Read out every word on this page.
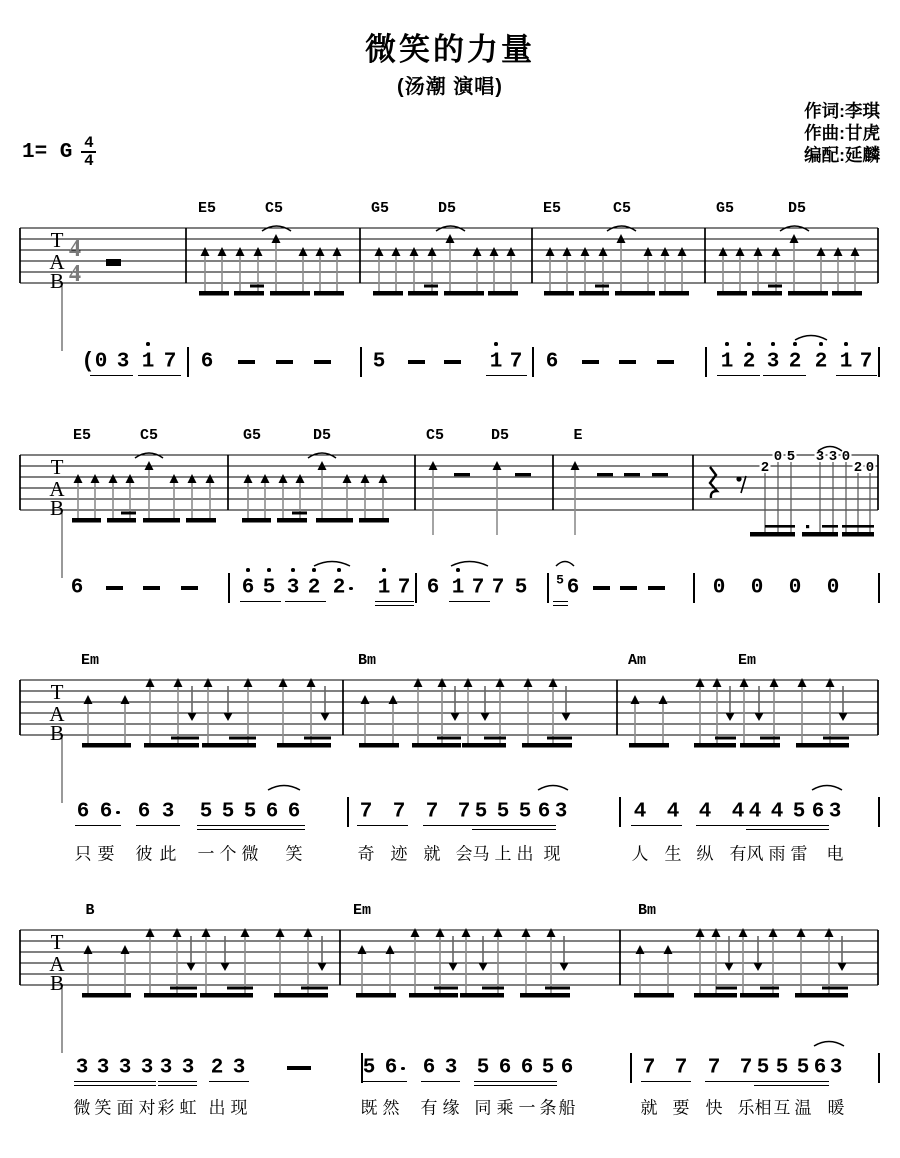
微笑的力量
(汤潮 演唱)
作词:李琪
作曲:甘虎
编配:延麟
1= G $\frac{4}{4}$
T
A
B
4
4
T
A
B
2
0 5 3 3 0
2 0
T
A
B
T
A
B
E5	C5	G5	D5	E5	C5	G5	D5
E5	C5	G5	D5	C5	D5	E
Em	Bm	Am	Em
B	Em	Bm
( 0 3 1 7 6	5	1 7 6	1 2 3 2 2 1 7
6	6 5 3 2 2 1 7 6 1 7 7 5 5 6	0 0 0 0
6 6 6 3 5 5 5 6 6	7 7 7 7 5 5 5 6 3	4 4 4 4 4 4 5 6 3
3 3 3 3 3 3 2 3	5 6 6 3 5 6 6 5 6	7 7 7 7 5 5 5 6 3
只 要 彼 此 一 个 微 笑	奇 迹 就 会 马 上 出 现	人 生 纵 有 风 雨 雷 电
微 笑 面 对 彩 虹 出 现	既 然 有 缘 同 乘 一 条 船	就 要 快 乐 相 互 温 暖
